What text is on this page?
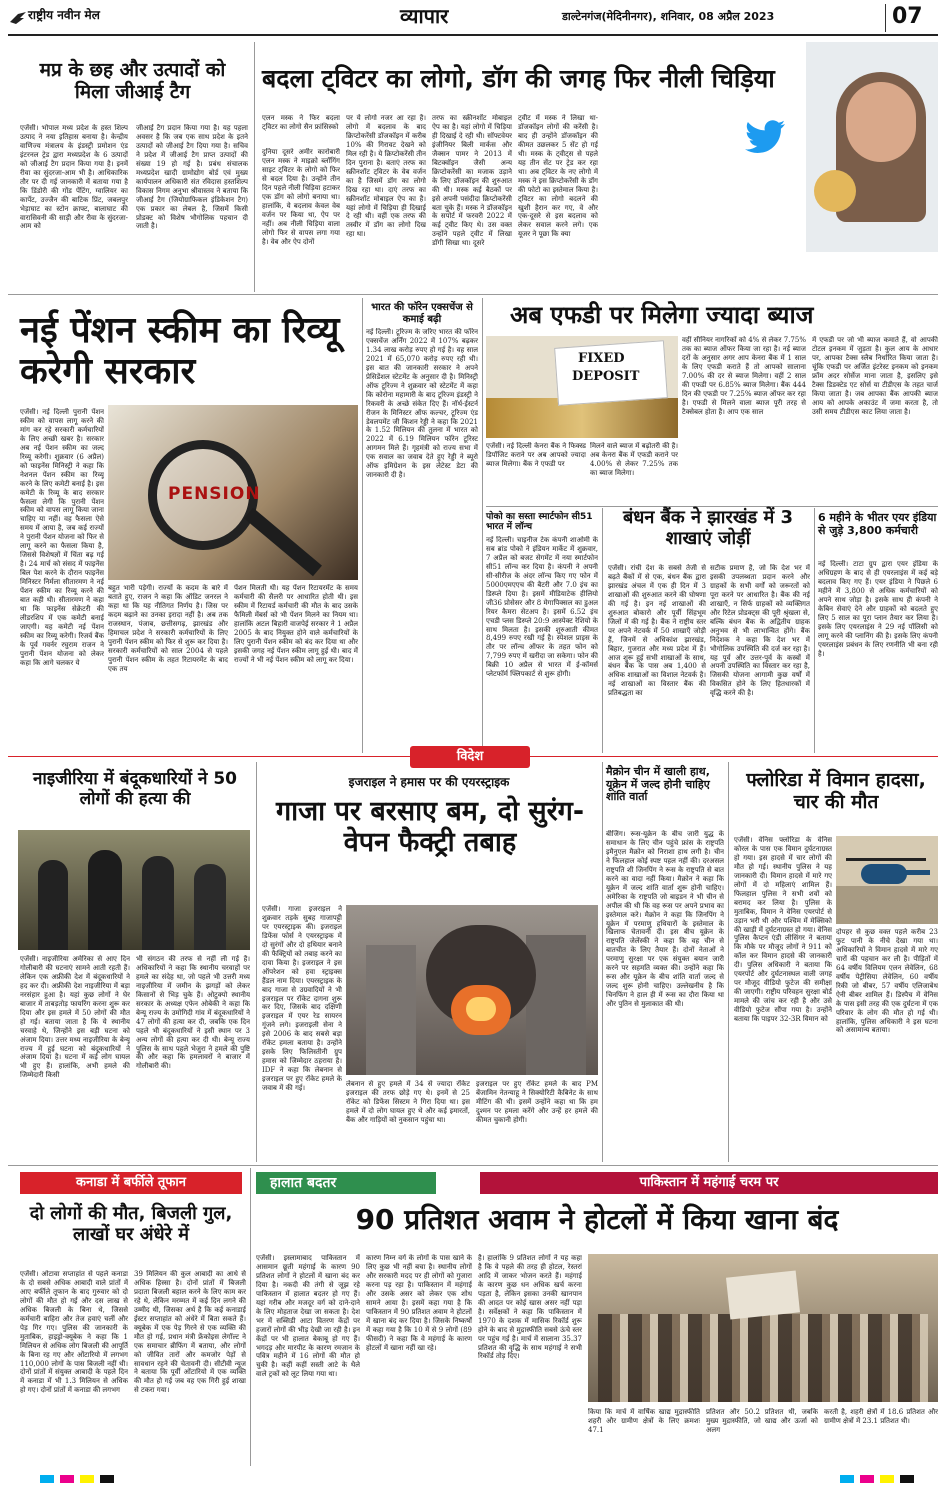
राष्ट्रीय नवीन मेल	व्यापार	डाल्टेनगंज(मेदिनीनगर), शनिवार, 08 अप्रैल 2023	07
मप्र के छह और उत्पादों को मिला जीआई टैग
एजेंसी। भोपाल मध्य प्रदेश के हस्त शिल्प उत्पाद ने नया इतिहास बनाया है। केन्द्रीय वाणिज्य मंत्रालय के इंडस्ट्री प्रमोशन एंड इंटरनल ट्रेड द्वारा मध्यप्रदेश के 6 उत्पादों को जीआई टैग प्रदान किया गया है। इनमें रीवा का सुंदरजा-आम भी है। आधिकारिक तौर पर दी गई जानकारी में बताया गया है कि डिंडोरी की गोंड पेंटिंग, ग्वालियर का कार्पेट, उज्जैन की बाटिक प्रिंट, जबलपुर भेड़ाघाट का स्टोन क्राफ्ट, बालाघाट की वारासिवनी की साड़ी और रीवा के सुंदरजा-आम को
जीआई टैग प्रदान किया गया है। यह पहला अवसर है कि जब एक साथ प्रदेश के इतने उत्पादों को जीआई टैग दिया गया है। सचिव ने प्रदेश में जीआई टैग प्राप्त उत्पादों की संख्या 19 हो गई है। प्रबंध संचालक मध्यप्रदेश खादी ग्रामोद्योग बोर्ड एवं मुख्य कार्यपालन अधिकारी संत रविदास हस्तशिल्प विकास निगम अनुभा श्रीवास्तव ने बताया कि जीआई टैग (जियोग्राफिकल इंडिकेशन टैग) एक प्रकार का लेबल है, जिसमें किसी प्रोडक्ट को विशेष भौगोलिक पहचान दी जाती है।
बदला ट्विटर का लोगो, डॉग की जगह फिर नीली चिड़िया
एलन मस्क ने फिर बदला ट्विटर का लोगो सैन फ्रांसिस्को
दुनिया दूसरे अमीर कारोबारी एलन मस्क ने माइक्रो ब्लॉगिंग साइट ट्विटर के लोगो को फिर से बदल दिया है। उन्होंने तीन दिन पहले नीली चिड़िया हटाकर एक डॉग को लोगो बनाया था। हालांकि, ये बदलाव केवल वेब वर्जन पर किया था, ऐप पर नहीं। अब नीली चिड़िया वाला लोगो फिर से वापस लगा गया है। वेब और ऐप दोनों
पर ये लोगो नजर आ रहा है। लोगो में बदलाव के बाद क्रिप्टोकरेंसी डॉजकॉइन में करीब 10% की गिरावट देखने को मिल रही है। ये क्रिप्टोकरेंसी तीन दिन पुराना है। बताएं तरफ का स्क्रीनशॉट ट्विटर के वेब वर्जन का है जिसमें डॉग का लोगो दिख रहा था। दाएं तरफ का स्क्रीनशॉट मोबाइल ऐप का है। यहां लोगो में चिड़िया ही दिखाई दे रही थी। वहीं एक तरफ की तस्वीर में डॉग का लोगो दिख रहा था।
तरफ का स्क्रीनशॉट मोबाइल ऐप का है। यहां लोगो में चिड़िया ही दिखाई दे रही थी। सॉफ्टवेयर इंजीनियर बिली मार्कस और जैक्सन पामर ने 2013 में बिटक्वॉइन जैसी अन्य क्रिप्टोकरेंसी का मजाक उड़ाने के लिए डॉजकॉइन की शुरुआत की थी। मस्क कई बैठकों पर इसे अपनी पसंदीदा क्रिप्टोकरेंसी बता चुके हैं। मस्क ने डॉजकॉइन के सपोर्ट में फरवरी 2022 में कई ट्वीट किए थे। उस वक्त उन्होंने पहले ट्वीट में लिखा डॉगी सिखा था। दूसरे
ट्वीट में मस्क ने लिखा था- डॉजकॉइन लोगों की करेंसी है। बाद ही उन्होंने डॉजकॉइन की कीमत उछलकर 5 सेंट हो गई थी। मस्क के ट्वीट्स से पहले यह तीन सेंट पर ट्रेड कर रहा था। अब ट्विटर के नए लोगो में मस्क ने इस क्रिप्टोकरेंसी के डॉग की फोटो का इस्तेमाल किया है। ट्विटर का लोगो बदलने की खुशी हैरान कर गए, वे और एक-दूसरे से इस बदलाव को लेकर सवाल करने लगे। एक यूजर ने पूछा कि क्या
नई पेंशन स्कीम का रिव्यू करेगी सरकार
PENSION
एजेंसी। नई दिल्ली पुरानी पेंशन स्कीम को वापस लागू करने की मांग कर रहे सरकारी कर्मचारियों के लिए अच्छी खबर है। सरकार अब नई पेंशन स्कीम का जल्द रिव्यू करेगी। शुक्रवार (6 अप्रैल) को फाइनेंस मिनिस्ट्री ने कहा कि नेशनल पेंशन स्कीम का रिव्यू करने के लिए कमेटी बनाई है। इस कमेटी के रिव्यू के बाद सरकार फैसला लेगी कि पुरानी पेंशन स्कीम को वापस लागू किया जाना चाहिए या नहीं। वह फैसला ऐसे समय में आया है, जब कई राज्यों ने पुरानी पेंशन योजना को फिर से लागू करने का फैसला किया है, जिससे विशेषज्ञों में चिंता बढ़ गई है। 24 मार्च को संसद में फाइनेंस बिल पेश करने के दौरान फाइनेंस मिनिस्टर निर्मला सीतारमण ने नई पेंशन स्कीम का रिव्यू करने की बात कही थी। सीतारमण ने कहा था कि फाइनेंस सेक्रेटरी की लीडरशिप में एक कमेटी बनाई जाएगी। यह कमेटी नई पेंशन स्कीम का रिव्यू करेगी। रिजर्व बैंक के पूर्व गवर्नर रघुराम राजन ने पुरानी पेंशन योजना को लेकर कहा कि आगे चलकर ये
बहुत भारी पड़ेगी। राज्यों के कदम के बारे में बताते हुए, राजन ने कहा कि ऑडिट जनरल ने कहा था कि यह नीतिगत निर्णय है। जिस पर कदम बढ़ाने का उनका इरादा नहीं है। अब तक राजस्थान, पंजाब, छत्तीसगढ़, झारखंड और हिमाचल प्रदेश ने सरकारी कर्मचारियों के लिए पुरानी पेंशन स्कीम को फिर से शुरू कर दिया है। सरकारी कर्मचारियों को साल 2004 से पहले पुरानी पेंशन स्कीम के तहत रिटायरमेंट के बाद एक तय
पेंशन मिलती थी। यह पेंशन रिटायरमेंट के समय कर्मचारी की सैलरी पर आधारित होती थी। इस स्कीम में रिटायर्ड कर्मचारी की मौत के बाद उसके फैमिली मेंबर्स को भी पेंशन मिलने का नियम था। हालांकि अटल बिहारी वाजपेई सरकार ने 1 अप्रैल 2005 के बाद नियुक्त होने वाले कर्मचारियों के लिए पुरानी पेंशन स्कीम को बंद कर दिया था और इसकी जगह नई पेंशन स्कीम लागू हुई थी। बाद में राज्यों ने भी नई पेंशन स्कीम को लागू कर दिया।
भारत की फॉरेन एक्सचेंज से कमाई बढ़ी
नई दिल्ली। टूरिज्म के जरिए भारत की फॉरेन एक्सचेंज अर्निंग 2022 में 107% बढ़कर 1.34 लाख करोड़ रुपए हो गई है। वह साल 2021 में 65,070 करोड़ रुपए रही थी। इस बात की जानकारी सरकार ने अपने प्रेसिडेंशल स्टेटमेंट के अनुसार दी है। मिनिस्ट्री ऑफ टूरिज्म ने शुक्रवार को स्टेटमेंट में कहा कि कोरोना महामारी के बाद टूरिज्म इंडस्ट्री ने रिकवरी के अच्छे संकेत दिए हैं। नॉर्थ-ईस्टर्न रीजन के मिनिस्टर ऑफ कल्चर, टूरिज्म एंड डेवलपमेंट जी किशन रेड्डी ने कहा कि 2021 के 1.52 मिलियन की तुलना में भारत को 2022 में 6.19 मिलियन फॉरेन टूरिस्ट आगमन मिले हैं। गृहमंत्री को राज्य सभा में एक सवाल का जवाब देते हुए रेड्डी ने ब्यूरो ऑफ इमिग्रेशन के इस लेटेस्ट डेटा की जानकारी दी है।
अब एफडी पर मिलेगा ज्यादा ब्याज
FIXED
DEPOSIT
एजेंसी। नई दिल्ली केनरा बैंक ने फिक्स्ड डिपॉजिट कराने पर अब आपको ज्यादा ब्याज मिलेगा। बैंक ने एफडी पर
मिलने वाले ब्याज में बढ़ोतरी की है। अब केनरा बैंक में एफडी कराने पर 4.00% से लेकर 7.25% तक का ब्याज मिलेगा।
वहीं सीनियर नागरिकों को 4% से लेकर 7.75% तक का ब्याज ऑफर किया जा रहा है। नई ब्याज दरों के अनुसार अगर आप केनरा बैंक में 1 साल के लिए एफडी कराते हैं तो आपको सालाना 7.00% की दर से ब्याज मिलेगा। वहीं 2 साल की एफडी पर 6.85% ब्याज मिलेगा। बैंक 444 दिन की एफडी पर 7.25% ब्याज ऑफर कर रहा है। एफडी से मिलने वाला ब्याज पूरी तरह से टैक्सेबल होता है। आप एक साल
में एफडी पर जो भी ब्याज कमाते हैं, वो आपकी टोटल इनकम में जुड़ता है। कुल आय के आधार पर, आपका टैक्स स्लैब निर्धारित किया जाता है। चूंकि एफडी पर अर्जित इंटरेस्ट इनकम को इनकम फ्रॉम अदर सोर्सेज माना जाता है, इसलिए इसे टैक्स डिडक्टेड एट सोर्स या टीडीएस के तहत चार्ज किया जाता है। जब आपका बैंक आपकी ब्याज आय को आपके अकाउंट में जमा करता है, तो उसी समय टीडीएस काट लिया जाता है।
पोको का सस्ता स्मार्टफोन सी51 भारत में लॉन्च
नई दिल्ली। चाइनीज टेक कंपनी शाओमी के सब ब्रांड पोको ने इंडियन मार्केट में शुक्रवार, 7 अप्रैल को बजट सेगमेंट में नया स्मार्टफोन सी51 लॉन्च कर दिया है। कंपनी ने अपनी सी-सीरीज के अंदर लॉन्च किए गए फोन में 5000एमएएच की बैटरी और 7.0 इंच का डिस्प्ले दिया है। इसमें मीडियाटेक हीलियो जी36 प्रोसेसर और 8 मेगापिक्सल का डुअल रियर कैमरा सेटअप है। इसमें 6.52 इंच एचडी प्लस डिस्प्ले 20:9 आस्पेक्ट रेशियो के साथ मिलता है। इसकी शुरुआती कीमत 8,499 रुपए रखी गई है। स्पेशल प्राइस के तौर पर लॉन्च ऑफर के तहत फोन को 7,799 रुपए में खरीदा जा सकेगा। फोन की बिक्री 10 अप्रैल से भारत में ई-कॉमर्स प्लेटफॉर्म फ्लिपकार्ट से शुरू होगी।
बंधन बैंक ने झारखंड में 3 शाखाएं जोड़ीं
एजेंसी। रांची देश के सबसे तेजी से बढ़ते बैंकों में से एक, बंधन बैंक द्वारा झारखंड अंचल में एक ही दिन में 3 शाखाओं की शुरुआत करने की घोषणा की गई है। इन नई शाखाओं की शुरुआत बोकारो और पूर्वी सिंहभूम जिलों में की गई है। बैंक ने राष्ट्रीय स्तर पर अपने नेटवर्क में 50 शाखाएँ जोड़ी हैं, जिनमें से अधिकांश झारखंड, बिहार, गुजरात और मध्य प्रदेश में हैं। आज शुरू हुई सभी शाखाओं के साथ, बंधन बैंक के पास अब 1,400 से अधिक शाखाओं का विशाल नेटवर्क है। नई शाखाओं का विस्तार बैंक की प्रतिबद्धता का
सटीक प्रमाण है, जो कि देश भर में इसकी उपलब्धता प्रदान करने और ग्राहकों के सभी वर्गों को जरूरतों को पूरा करने पर आधारित है। बैंक की नई शाखाएँ, न सिर्फ ग्राहकों को व्यक्तिगत और रिटेल प्रोडक्ट्स की पूरी श्रृंखला से, बल्कि बंधन बैंक के अद्वितीय ग्राहक अनुभव से भी लाभान्वित होंगे। बैंक निदेशक ने कहा कि देश भर में भौगोलिक उपस्थिति की दर्ज कर रहा है। यह पूर्व और उत्तर-पूर्व के कस्बों में अपनी उपस्थिति का विस्तार कर रहा है, जिसकी योजना आगामी कुछ वर्षों में विकसित होने के लिए हितधारकों में वृद्धि करने की है।
6 महीने के भीतर एयर इंडिया से जुड़े 3,800 कर्मचारी
नई दिल्ली। टाटा ग्रुप द्वारा एयर इंडिया के अधिग्रहण के बाद से ही एयरलाइंस में कई बड़े बदलाव किए गए हैं। एयर इंडिया ने पिछले 6 महीने में 3,800 से अधिक कर्मचारियों को अपने साथ जोड़ा है। इसके साथ ही कंपनी ने केबिन सेवाएं देने और ग्राहकों को बदलते हुए लिए 5 साल का पूरा प्लान तैयार कर लिया है। इसके लिए एयरलाइंस ने 29 नई पॉलिसी को लागू करने की प्लानिंग की है। इसके लिए कंपनी एयरलाइंस प्रबंधन के लिए रणनीति भी बना रही है।
विदेश
नाइजीरिया में बंदूकधारियों ने 50 लोगों की हत्या की
एजेंसी। नाइजीरिया अमेरिका से आए दिन गोलीबारी की घटनाएं सामने आती रहती हैं। लेकिन एक अफ्रीकी देश में बंदूकधारियों ने हद कर दी। अफ्रीकी देश नाइजीरिया में बड़ा नरसंहार हुआ है। यहां कुछ लोगों ने घेर बाजार में ताबड़तोड़ फायरिंग करना शुरू कर दिया और इस हमले में 50 लोगों की मौत हो गई। बताया जाता है कि ये स्थानीय चरवाहे थे, जिन्होंने इस बड़ी घटना को अंजाम दिया। उत्तर मध्य नाइजीरिया के बेन्यू राज्य में हुई घटना को बंदूकधारियों ने अंजाम दिया है। घटना में कई लोग घायल भी हुए हैं। हालांकि, अभी हमले की जिम्मेदारी किसी
भी संगठन की तरफ से नहीं ली गई है। अधिकारियों ने कहा कि स्थानीय चरवाहों पर हमले का संदेह था, जो पहले भी उत्तरी मध्य नाइजीरिया में जमीन के झगड़ों को लेकर किसानों से भिड़ चुके हैं। ओटुक्पो स्थानीय सरकार के अध्यक्ष एफेन ओबेकी ने कहा कि बेन्यू राज्य के उमोगिदी गांव में बंदूकधारियों ने 47 लोगों की हत्या कर दी, जबकि एक दिन पहले भी बंदूकधारियों ने इसी स्थान पर 3 अन्य लोगों की हत्या कर दी थी। बेन्यू राज्य पुलिस के साथ पहले भेजुरा ने हमले की पुष्टि की और कहा कि हमलावरों ने बाजार में गोलीबारी की।
इजराइल ने हमास पर की एयरस्ट्राइक
गाजा पर बरसाए बम, दो सुरंग-वेपन फैक्ट्री तबाह
एजेंसी। गाजा इजराइल ने शुक्रवार तड़के सुबह गाजापट्टी पर एयरस्ट्राइक की। इजराइल डिफेंस फोर्स ने एयरस्ट्राइक में दो सुरंगों और दो हथियार बनाने की फैक्ट्रियों को तबाह करने का दावा किया है। इजराइल ने इस ऑपरेशन को हवा स्ट्राइक्स हैंडल नाम दिया। एयरस्ट्राइक के बाद गाजा से उग्रवादियों ने भी इजराइल पर रॉकेट दागना शुरू कर दिए, जिसके बाद दक्षिणी इजराइल में एयर रेड सायरन गूंजने लगे। इजराइली सेना ने इसे 2006 के बाद सबसे बड़ा रॉकेट हमला बताया है। उन्होंने इसके लिए फिलिस्तीनी ग्रुप हमास को जिम्मेदार ठहराया है। IDF ने कहा कि लेबनान से इजराइल पर हुए रॉकेट हमले के जवाब में की गई।
लेबनान से हुए हमले में 34 से ज्यादा रॉकेट इजराइल की तरफ छोड़े गए थे। इनमें से 25 रॉकेट को डिफेंस सिस्टम ने गिरा दिया था। इस हमले में दो लोग घायल हुए थे और कई इमारतों, बैंक और गाड़ियों को नुकसान पहुंचा था।
इजराइल पर हुए रॉकेट हमले के बाद PM बेंजामिन नेतन्याहू ने सिक्योरिटी कैबिनेट के साथ मीटिंग की थी। इसमें उन्होंने कहा था कि हम दुश्मन पर हमला करेंगे और उन्हें हर हमले की कीमत चुकानी होगी।
मैक्रोन चीन में खाली हाथ, यूक्रेन में जल्द होनी चाहिए शांति वार्ता
बीजिंग। रूस-यूक्रेन के बीच जारी युद्ध के समाधान के लिए चीन पहुंचे फ्रांस के राष्ट्रपति इमैनुएल मैक्रोन को निराशा हाथ लगी है। चीन ने फिलहाल कोई स्पष्ट पहल नहीं की। दरअसल राष्ट्रपति शी जिनपिंग ने रूस के राष्ट्रपति से बात करने का वादा नहीं किया। मैक्रोन ने कहा कि यूक्रेन में जल्द शांति वार्ता शुरू होनी चाहिए। अमेरिका के राष्ट्रपति जो बाइडन ने भी चीन से अपील की थी कि वह रूस पर अपने प्रभाव का इस्तेमाल करे। मैक्रोन ने कहा कि जिनपिंग ने यूक्रेन में परमाणु हथियारों के इस्तेमाल के खिलाफ चेतावनी दी। इस बीच यूक्रेन के राष्ट्रपति जेलेंस्की ने कहा कि वह चीन से बातचीत के लिए तैयार हैं। दोनों नेताओं ने परमाणु सुरक्षा पर एक संयुक्त बयान जारी करने पर सहमति व्यक्त की। उन्होंने कहा कि रूस और यूक्रेन के बीच शांति वार्ता जल्द से जल्द शुरू होनी चाहिए। उल्लेखनीय है कि चिनफिंग ने हाल ही में रूस का दौरा किया था और पुतिन से मुलाकात की थी।
फ्लोरिडा में विमान हादसा, चार की मौत
एजेंसी। वेनिस फ्लोरिडा के वेनिस कोरल के पास एक विमान दुर्घटनाग्रस्त हो गया। इस हादसे में चार लोगों की मौत हो गई। स्थानीय पुलिस ने यह जानकारी दी। विमान हादसे में मारे गए लोगों में दो महिलाएं शामिल हैं। फिलहाल पुलिस ने सभी शवों को बरामद कर लिया है। पुलिस के मुताबिक, विमान ने वेनिस एयरपोर्ट से उड़ान भरी थी और पश्चिम में मेक्सिको की खाड़ी में दुर्घटनाग्रस्त हो गया। वेनिस पुलिस कैप्टन एंडी लीसिंगर ने बताया कि मौके पर मौजूद लोगों ने 911 को कॉल कर विमान हादसे की जानकारी दी। पुलिस अधिकारी ने बताया कि एयरपोर्ट और दुर्घटनास्थल वाली जगह पर मौजूद वीडियो फुटेज की समीक्षा की जाएगी। राष्ट्रीय परिवहन सुरक्षा बोर्ड मामले की जांच कर रही है और उसे वीडियो फुटेज सौंपा गया है। उन्होंने बताया कि पाइपर 32-3R विमान को
दोपहर से कुछ वक्त पहले करीब 23 फुट पानी के नीचे देखा गया था। अधिकारियों ने विमान हादसे में मारे गए चारों की पहचान कर ली है। पीड़ितों में 64 वर्षीय विलियम एलन लेवेलिन, 68 वर्षीय पेट्रीसिया लेवेलिन, 60 वर्षीय रिकी जो बीबर, 57 वर्षीय एलिजाबेथ ऐनी बीबर शामिल हैं। डिस्पैच में वेनिस के पास इसी तरह की एक दुर्घटना में एक परिवार के लोग की मौत हो गई थी। हालांकि, पुलिस अधिकारी ने इस घटना को असामान्य बताया।
कनाडा में बर्फीले तूफान
दो लोगों की मौत, बिजली गुल, लाखों घर अंधेरे में
एजेंसी। ओटावा सप्ताहांत से पहले कनाडा के दो सबसे अधिक आबादी वाले प्रांतों में आए बर्फीले तूफान के बाद गुरुवार को दो लोगों की मौत हो गई और दस लाख से अधिक बिजली के बिना थे, जिससे कर्मचारी बाहिरा और तेज हवाएं चलीं और पेड़ गिर गए। पुलिस की जानकारी के मुताबिक, हाइड्रो-क्यूबेक ने कहा कि 1 मिलियन से अधिक लोग बिजली की आपूर्ति के बिना रह गए और ओंटारियो में लगभग 110,000 लोगों के पास बिजली नहीं थी। दोनों प्रांतों में संयुक्त आबादी के पहले दिन में कनाडा में भी 1.3 मिलियन से अधिक हो गए। दोनों प्रांतों में कनाडा की लगभग
39 मिलियन की कुल आबादी का आधे से अधिक हिस्सा है। दोनों प्रांतों में बिजली प्रदाता बिजली बहाल करने के लिए काम कर रहे थे, लेकिन मरम्मत में कई दिन लगने की उम्मीद थी, जिसका अर्थ है कि कई कनाडाई ईस्टर सप्ताहांत को अंधेरे में बिता सकते हैं। क्यूबेक में एक पेड़ गिरने से एक व्यक्ति की मौत हो गई, प्रधान मंत्री फ्रेंकोइस लेगॉल्ट ने एक समाचार ब्रीफिंग में बताया, और लोगों को जीवित तारों और कमजोर पेड़ों से सावधान रहने की चेतावनी दी। सीटीवी न्यूज ने बताया कि पूर्वी ओंटारियो में एक व्यक्ति की मौत हो गई जब वह एक गिरी हुई शाखा से टकरा गया।
हालात बदतर	पाकिस्तान में महंगाई चरम पर
90 प्रतिशत अवाम ने होटलों में किया खाना बंद
एजेंसी। इस्लामाबाद पाकिस्तान में आसमान छूती महंगाई के कारण 90 प्रतिशत लोगों ने होटलों में खाना बंद कर दिया है। नकदी की तंगी से जूझ रहे पाकिस्तान में हालात बदतर हो गए हैं। यहां गरीब और मजदूर वर्ग को दाने-दाने के लिए मोहताज देखा जा सकता है। देश भर में सब्सिडी आटा वितरण केंद्रों पर हजारों लोगों की भीड़ देखी जा रही है। इन केंद्रों पर भी हालात बेकाबू हो गए हैं। भगदड़ और मारपीट के कारण रमजान के पवित्र महीने में 16 लोगों की मौत हो चुकी है। कहीं कहीं सस्ती आटे के थैले वाले ट्रकों को लूट लिया गया था।
कारण निम्न वर्ग के लोगों के पास खाने के लिए कुछ भी नहीं बचा है। स्थानीय लोगों और सरकारी मदद पर ही लोगों को गुजारा करना पड़ रहा है। पाकिस्तान में महंगाई और उसके असर को लेकर एक शोध सामने आया है। इसमें कहा गया है कि पाकिस्तान में 90 प्रतिशत अवाम ने होटलों में खाना बंद कर दिया है। जिसके निष्कर्षों में कहा गया है कि 10 में से 9 लोगों (89 फीसदी) ने कहा कि वे महंगाई के कारण होटलों में खाना नहीं खा रहे।
है। हालांकि 9 प्रतिशत लोगों ने यह कहा है कि वे पहले की तरह ही होटल, रेस्तरां आदि में जाकर भोजन करते हैं। महंगाई के कारण कुछ धन अधिक खर्च करना पड़ता है, लेकिन इसका उनकी खानपान की आदत पर कोई खास असर नहीं पड़ा है। सर्वेक्षकों ने कहा कि पाकिस्तान में 1970 के दशक में मासिक रिकॉर्ड शुरू होने के बाद से मुद्रास्फीति सबसे ऊंचे स्तर पर पहुंच गई है। मार्च में सालाना 35.37 प्रतिशत की वृद्धि के साथ महंगाई ने सभी रिकॉर्ड तोड़ दिए।
किया कि मार्च में वार्षिक खाद्य मुद्रास्फीति शहरी और ग्रामीण क्षेत्रों के लिए क्रमशः 47.1
प्रतिशत और 50.2 प्रतिशत थी, जबकि मुख्य मुद्रास्फीति, जो खाद्य और ऊर्जा को अलग
करती है, शहरी क्षेत्रों में 18.6 प्रतिशत और ग्रामीण क्षेत्रों में 23.1 प्रतिशत थी।
